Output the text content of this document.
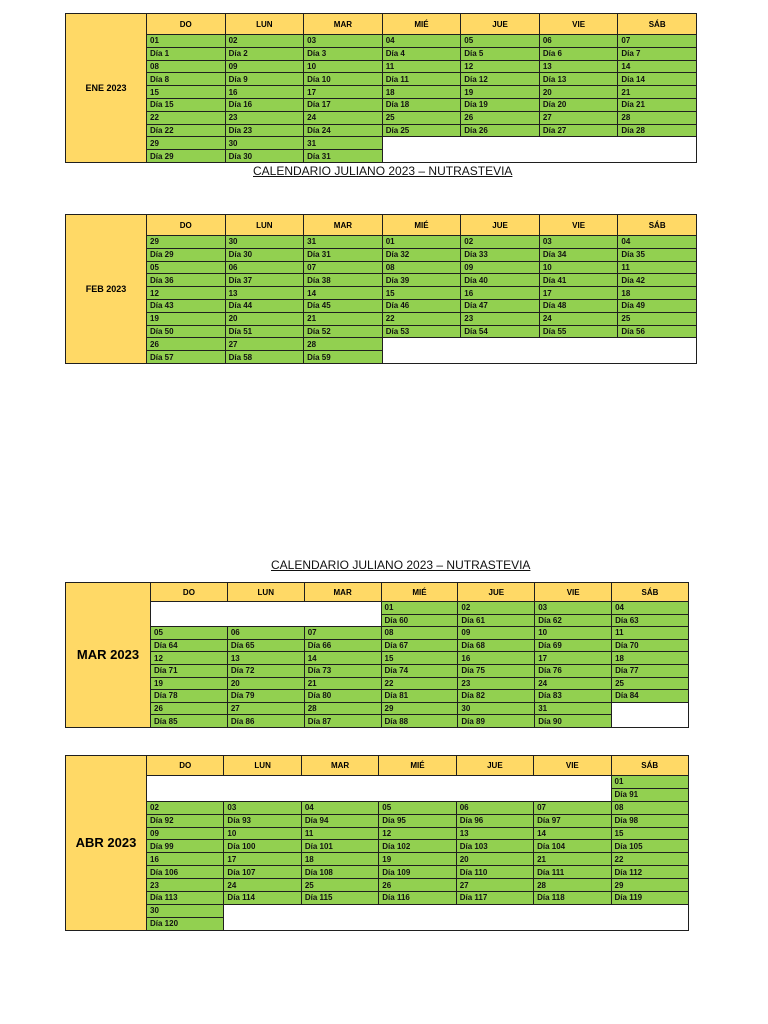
CALENDARIO JULIANO 2023 – NUTRASTEVIA
CALENDARIO JULIANO 2023 – NUTRASTEVIA
ENE 2023	DO	LUN	MAR	MIÉ	JUE	VIE	SÁB
	01	02	03	04	05	06	07
	Día 1	Día 2	Día 3	Día 4	Día 5	Día 6	Día 7
	08	09	10	11	12	13	14
	Día 8	Día 9	Día 10	Día 11	Día 12	Día 13	Día 14
	15	16	17	18	19	20	21
	Día 15	Día 16	Día 17	Día 18	Día 19	Día 20	Día 21
	22	23	24	25	26	27	28
	Día 22	Día 23	Día 24	Día 25	Día 26	Día 27	Día 28
	29	30	31				
	Día 29	Día 30	Día 31				
FEB 2023	DO	LUN	MAR	MIÉ	JUE	VIE	SÁB
	29	30	31	01	02	03	04
	Día 29	Día 30	Día 31	Día 32	Día 33	Día 34	Día 35
	05	06	07	08	09	10	11
	Día 36	Día 37	Día 38	Día 39	Día 40	Día 41	Día 42
	12	13	14	15	16	17	18
	Día 43	Día 44	Día 45	Día 46	Día 47	Día 48	Día 49
	19	20	21	22	23	24	25
	Día 50	Día 51	Día 52	Día 53	Día 54	Día 55	Día 56
	26	27	28				
	Día 57	Día 58	Día 59				
MAR 2023	DO	LUN	MAR	MIÉ	JUE	VIE	SÁB
				01	02	03	04
				Día 60	Día 61	Día 62	Día 63
	05	06	07	08	09	10	11
	Día 64	Día 65	Día 66	Día 67	Día 68	Día 69	Día 70
	12	13	14	15	16	17	18
	Día 71	Día 72	Día 73	Día 74	Día 75	Día 76	Día 77
	19	20	21	22	23	24	25
	Día 78	Día 79	Día 80	Día 81	Día 82	Día 83	Día 84
	26	27	28	29	30	31	
	Día 85	Día 86	Día 87	Día 88	Día 89	Día 90	
ABR 2023	DO	LUN	MAR	MIÉ	JUE	VIE	SÁB
							01
							Día 91
	02	03	04	05	06	07	08
	Día 92	Día 93	Día 94	Día 95	Día 96	Día 97	Día 98
	09	10	11	12	13	14	15
	Día 99	Día 100	Día 101	Día 102	Día 103	Día 104	Día 105
	16	17	18	19	20	21	22
	Día 106	Día 107	Día 108	Día 109	Día 110	Día 111	Día 112
	23	24	25	26	27	28	29
	Día 113	Día 114	Día 115	Día 116	Día 117	Día 118	Día 119
	30						
	Día 120						
